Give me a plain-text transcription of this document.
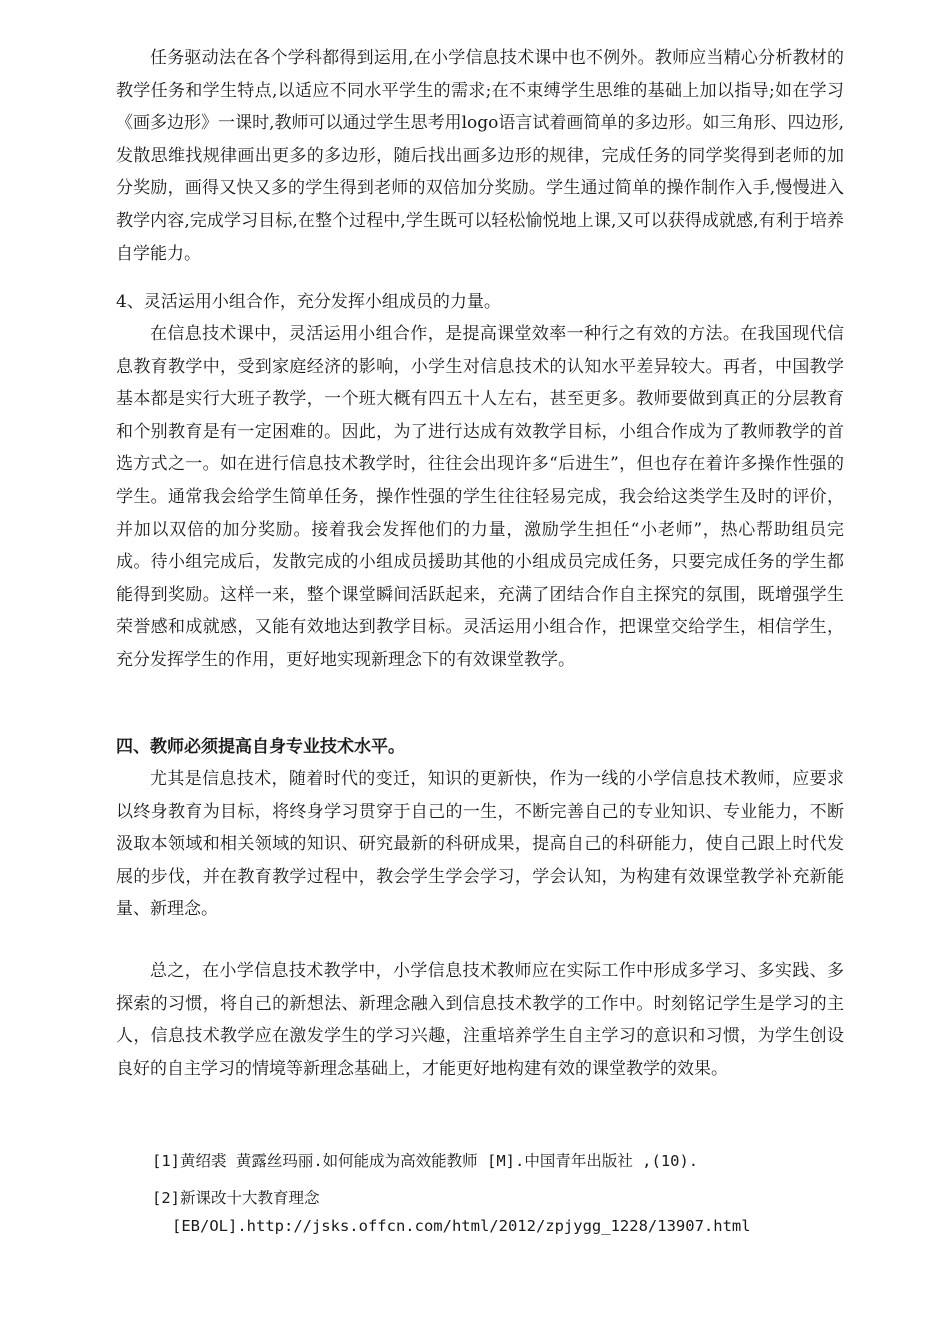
任务驱动法在各个学科都得到运用,在小学信息技术课中也不例外。教师应当精心分析教材的教学任务和学生特点,以适应不同水平学生的需求;在不束缚学生思维的基础上加以指导;如在学习《画多边形》一课时,教师可以通过学生思考用logo语言试着画简单的多边形。如三角形、四边形,发散思维找规律画出更多的多边形，随后找出画多边形的规律，完成任务的同学奖得到老师的加分奖励，画得又快又多的学生得到老师的双倍加分奖励。学生通过简单的操作制作入手,慢慢进入教学内容,完成学习目标,在整个过程中,学生既可以轻松愉悦地上课,又可以获得成就感,有利于培养自学能力。
4、灵活运用小组合作，充分发挥小组成员的力量。
在信息技术课中，灵活运用小组合作，是提高课堂效率一种行之有效的方法。在我国现代信息教育教学中，受到家庭经济的影响，小学生对信息技术的认知水平差异较大。再者，中国教学基本都是实行大班子教学，一个班大概有四五十人左右，甚至更多。教师要做到真正的分层教育和个别教育是有一定困难的。因此，为了进行达成有效教学目标，小组合作成为了教师教学的首选方式之一。如在进行信息技术教学时，往往会出现许多“后进生”，但也存在着许多操作性强的学生。通常我会给学生简单任务，操作性强的学生往往轻易完成，我会给这类学生及时的评价，并加以双倍的加分奖励。接着我会发挥他们的力量，激励学生担任“小老师”，热心帮助组员完成。待小组完成后，发散完成的小组成员援助其他的小组成员完成任务，只要完成任务的学生都能得到奖励。这样一来，整个课堂瞬间活跃起来，充满了团结合作自主探究的氛围，既增强学生荣誉感和成就感，又能有效地达到教学目标。灵活运用小组合作，把课堂交给学生，相信学生，充分发挥学生的作用，更好地实现新理念下的有效课堂教学。
四、教师必须提高自身专业技术水平。
尤其是信息技术，随着时代的变迁，知识的更新快，作为一线的小学信息技术教师，应要求以终身教育为目标，将终身学习贯穿于自己的一生，不断完善自己的专业知识、专业能力，不断汲取本领域和相关领域的知识、研究最新的科研成果，提高自己的科研能力，使自己跟上时代发展的步伐，并在教育教学过程中，教会学生学会学习，学会认知，为构建有效课堂教学补充新能量、新理念。
总之，在小学信息技术教学中，小学信息技术教师应在实际工作中形成多学习、多实践、多探索的习惯，将自己的新想法、新理念融入到信息技术教学的工作中。时刻铭记学生是学习的主人，信息技术教学应在激发学生的学习兴趣，注重培养学生自主学习的意识和习惯，为学生创设良好的自主学习的情境等新理念基础上，才能更好地构建有效的课堂教学的效果。
[1]黄绍裘 黄露丝玛丽.如何能成为高效能教师 [M].中国青年出版社 ,(10).
[2]新课改十大教育理念[EB/OL].http://jsks.offcn.com/html/2012/zpjygg_1228/13907.html
